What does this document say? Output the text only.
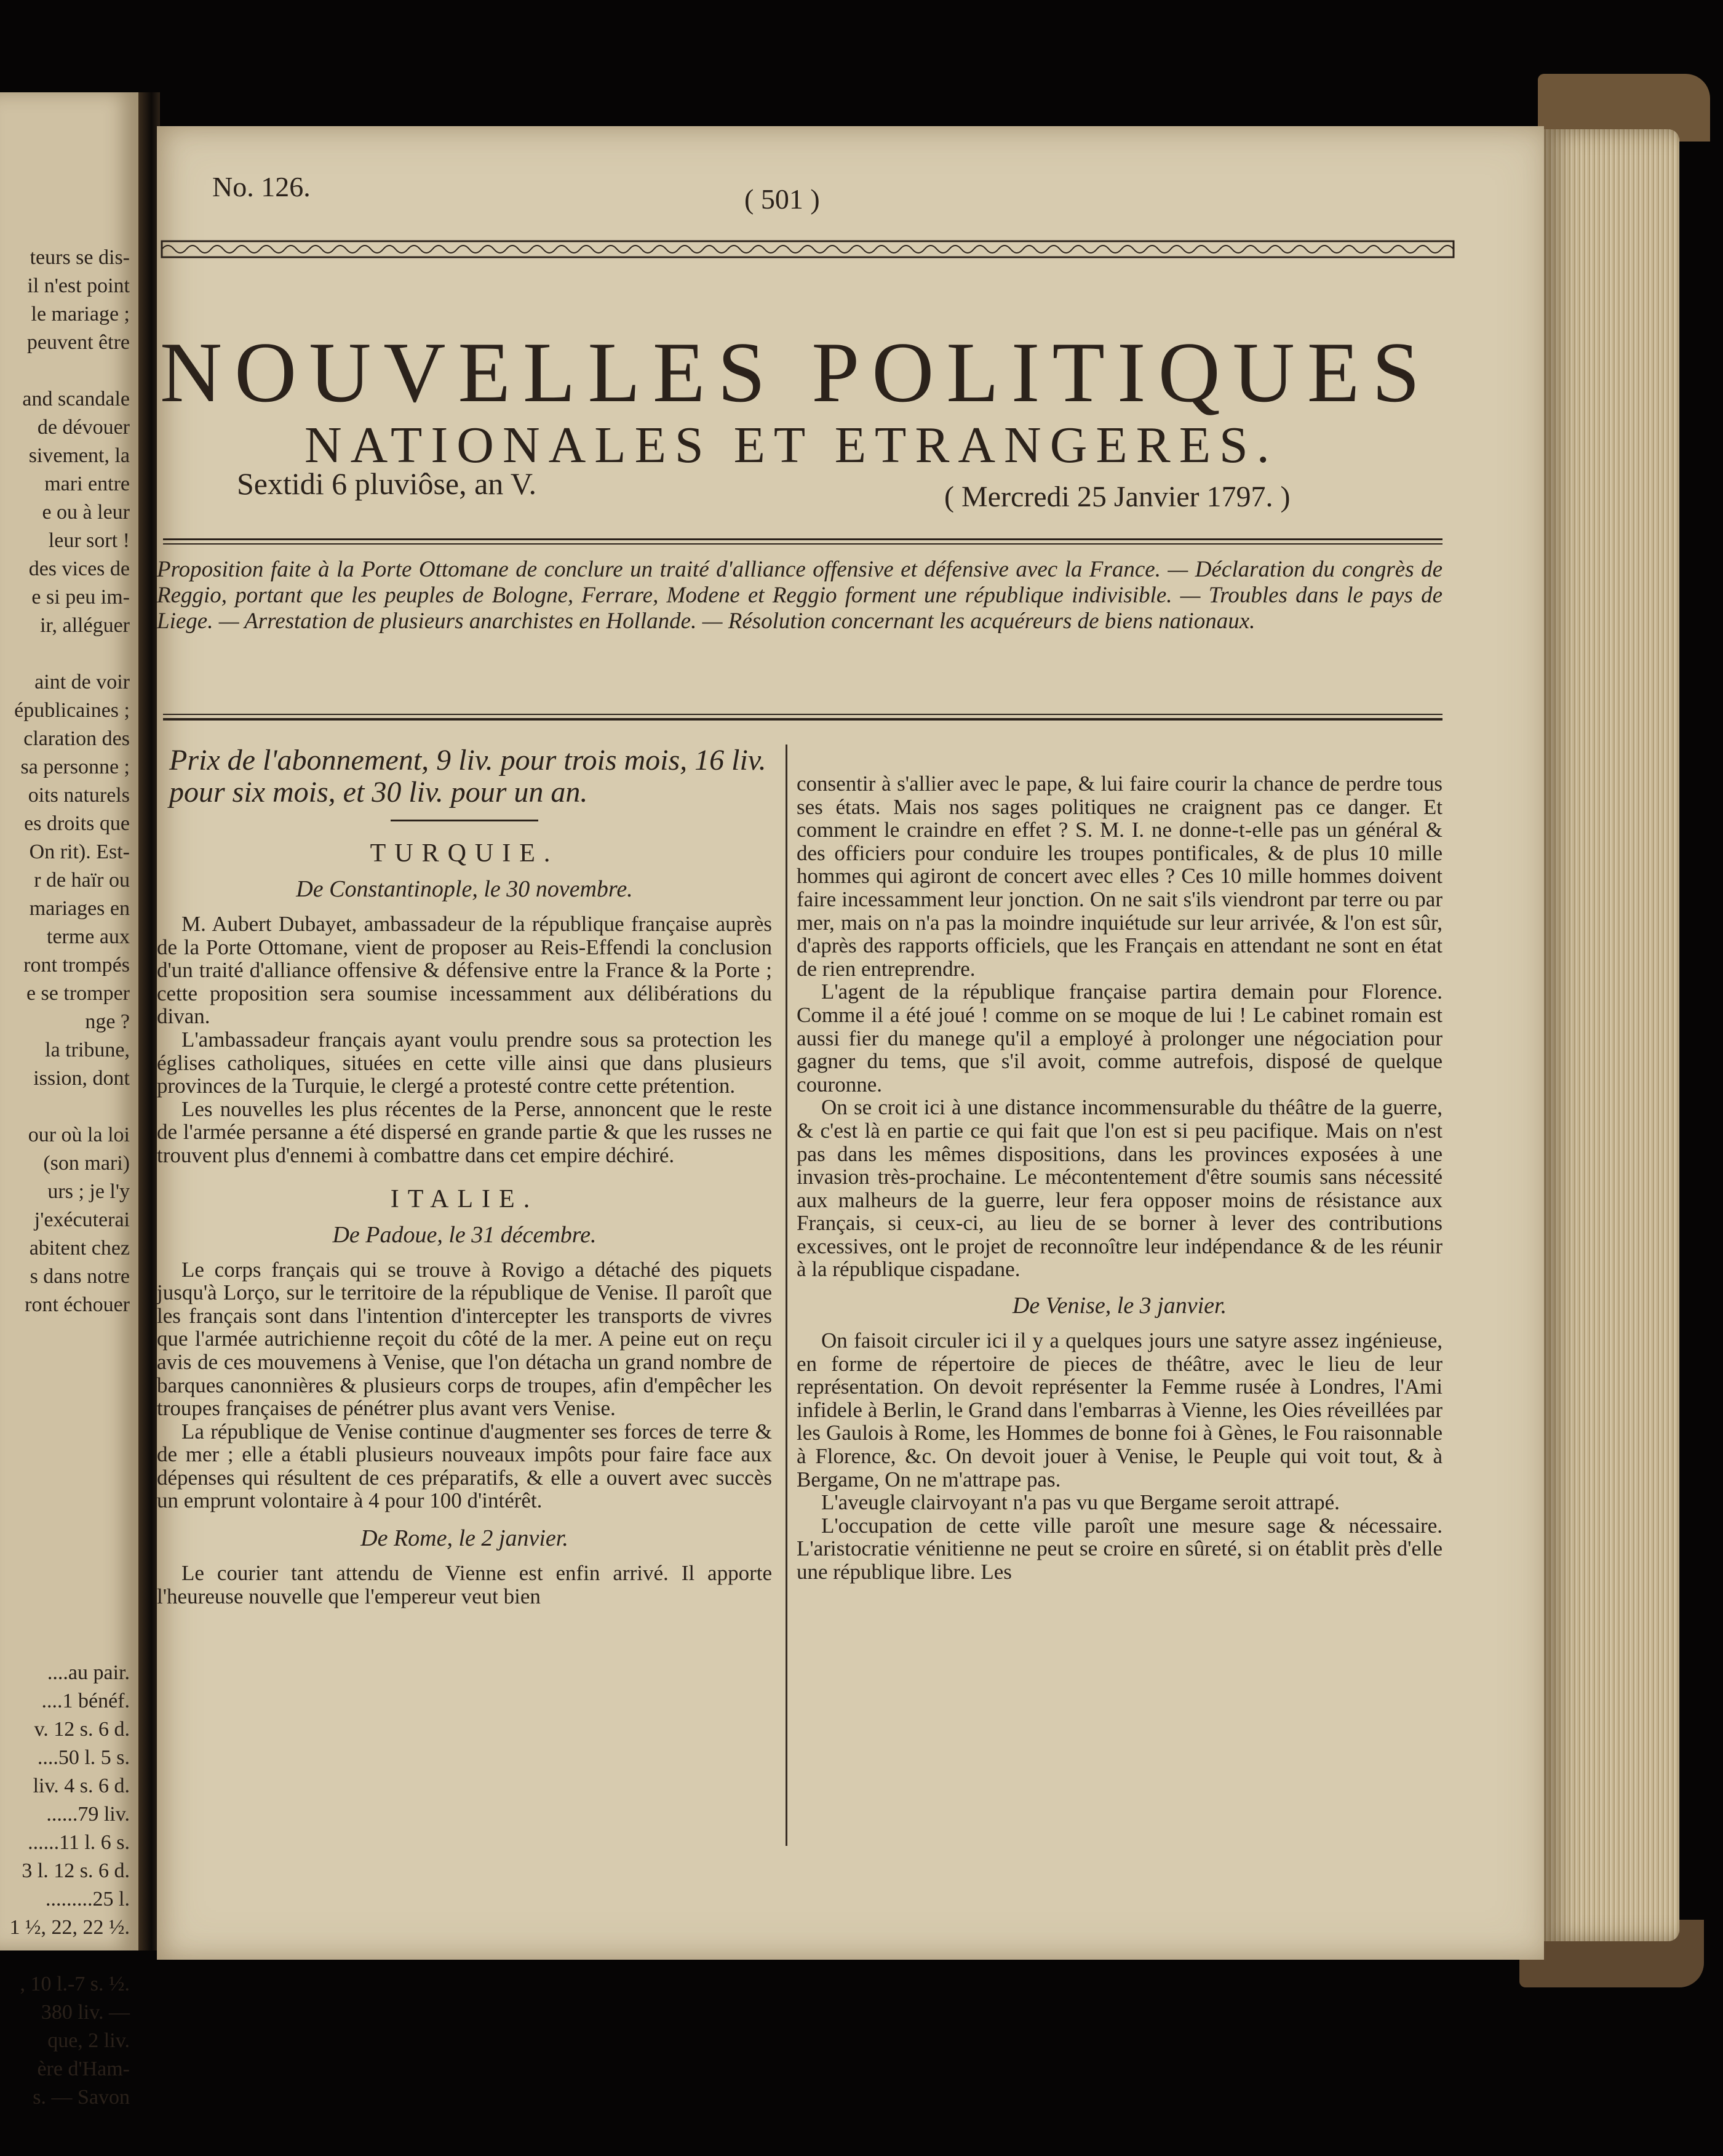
teurs se dis-
il n'est point
le mariage ;
peuvent être
and scandale
de dévouer
sivement, la
mari entre
e ou à leur
leur sort !
des vices de
e si peu im-
ir, alléguer
aint de voir
épublicaines ;
claration des
sa personne ;
oits naturels
es droits que
On rit). Est-
r de haïr ou
mariages en
terme aux
ront trompés
e se tromper
nge ?
la tribune,
ission, dont
our où la loi
(son mari)
urs ; je l'y
j'exécuterai
abitent chez
s dans notre
ront échouer
....au pair.
....1 bénéf.
v. 12 s. 6 d.
....50 l. 5 s.
liv. 4 s. 6 d.
......79 liv.
......11 l. 6 s.
3 l. 12 s. 6 d.
.........25 l.
1 ½, 22, 22 ½.
, 10 l.-7 s. ½.
380 liv. —
que, 2 liv.
ère d'Ham-
s. — Savon
No. 126.	( 501 )
NOUVELLES POLITIQUES
NATIONALES ET ETRANGERES.
Sextidi 6 pluviôse, an V.	( Mercredi 25 Janvier 1797. )
Proposition faite à la Porte Ottomane de conclure un traité d'alliance offensive et défensive avec la France. — Déclaration du congrès de Reggio, portant que les peuples de Bologne, Ferrare, Modene et Reggio forment une république indivisible. — Troubles dans le pays de Liege. — Arrestation de plusieurs anarchistes en Hollande. — Résolution concernant les acquéreurs de biens nationaux.

Prix de l'abonnement, 9 liv. pour trois mois, 16 liv. pour six mois, et 30 liv. pour un an.

TURQUIE.
De Constantinople, le 30 novembre.

M. Aubert Dubayet, ambassadeur de la république française auprès de la Porte Ottomane, vient de proposer au Reis-Effendi la conclusion d'un traité d'alliance offensive & défensive entre la France & la Porte ; cette proposition sera soumise incessamment aux délibérations du divan.

L'ambassadeur français ayant voulu prendre sous sa protection les églises catholiques, situées en cette ville ainsi que dans plusieurs provinces de la Turquie, le clergé a protesté contre cette prétention.

Les nouvelles les plus récentes de la Perse, annoncent que le reste de l'armée persanne a été dispersé en grande partie & que les russes ne trouvent plus d'ennemi à combattre dans cet empire déchiré.

ITALIE.
De Padoue, le 31 décembre.

Le corps français qui se trouve à Rovigo a détaché des piquets jusqu'à Lorço, sur le territoire de la république de Venise. Il paroît que les français sont dans l'intention d'intercepter les transports de vivres que l'armée autrichienne reçoit du côté de la mer. A peine eut on reçu avis de ces mouvemens à Venise, que l'on détacha un grand nombre de barques canonnières & plusieurs corps de troupes, afin d'empêcher les troupes françaises de pénétrer plus avant vers Venise.

La république de Venise continue d'augmenter ses forces de terre & de mer ; elle a établi plusieurs nouveaux impôts pour faire face aux dépenses qui résultent de ces préparatifs, & elle a ouvert avec succès un emprunt volontaire à 4 pour 100 d'intérêt.

De Rome, le 2 janvier.

Le courier tant attendu de Vienne est enfin arrivé. Il apporte l'heureuse nouvelle que l'empereur veut bien

consentir à s'allier avec le pape, & lui faire courir la chance de perdre tous ses états. Mais nos sages politiques ne craignent pas ce danger. Et comment le craindre en effet ? S. M. I. ne donne-t-elle pas un général & des officiers pour conduire les troupes pontificales, & de plus 10 mille hommes qui agiront de concert avec elles ? Ces 10 mille hommes doivent faire incessamment leur jonction. On ne sait s'ils viendront par terre ou par mer, mais on n'a pas la moindre inquiétude sur leur arrivée, & l'on est sûr, d'après des rapports officiels, que les Français en attendant ne sont en état de rien entreprendre.

L'agent de la république française partira demain pour Florence. Comme il a été joué ! comme on se moque de lui ! Le cabinet romain est aussi fier du manege qu'il a employé à prolonger une négociation pour gagner du tems, que s'il avoit, comme autrefois, disposé de quelque couronne.

On se croit ici à une distance incommensurable du théâtre de la guerre, & c'est là en partie ce qui fait que l'on est si peu pacifique. Mais on n'est pas dans les mêmes dispositions, dans les provinces exposées à une invasion très-prochaine. Le mécontentement d'être soumis sans nécessité aux malheurs de la guerre, leur fera opposer moins de résistance aux Français, si ceux-ci, au lieu de se borner à lever des contributions excessives, ont le projet de reconnoître leur indépendance & de les réunir à la république cispadane.

De Venise, le 3 janvier.

On faisoit circuler ici il y a quelques jours une satyre assez ingénieuse, en forme de répertoire de pieces de théâtre, avec le lieu de leur représentation. On devoit représenter la Femme rusée à Londres, l'Ami infidele à Berlin, le Grand dans l'embarras à Vienne, les Oies réveillées par les Gaulois à Rome, les Hommes de bonne foi à Gènes, le Fou raisonnable à Florence, &c. On devoit jouer à Venise, le Peuple qui voit tout, & à Bergame, On ne m'attrape pas.

L'aveugle clairvoyant n'a pas vu que Bergame seroit attrapé.

L'occupation de cette ville paroît une mesure sage & nécessaire. L'aristocratie vénitienne ne peut se croire en sûreté, si on établit près d'elle une république libre. Les
